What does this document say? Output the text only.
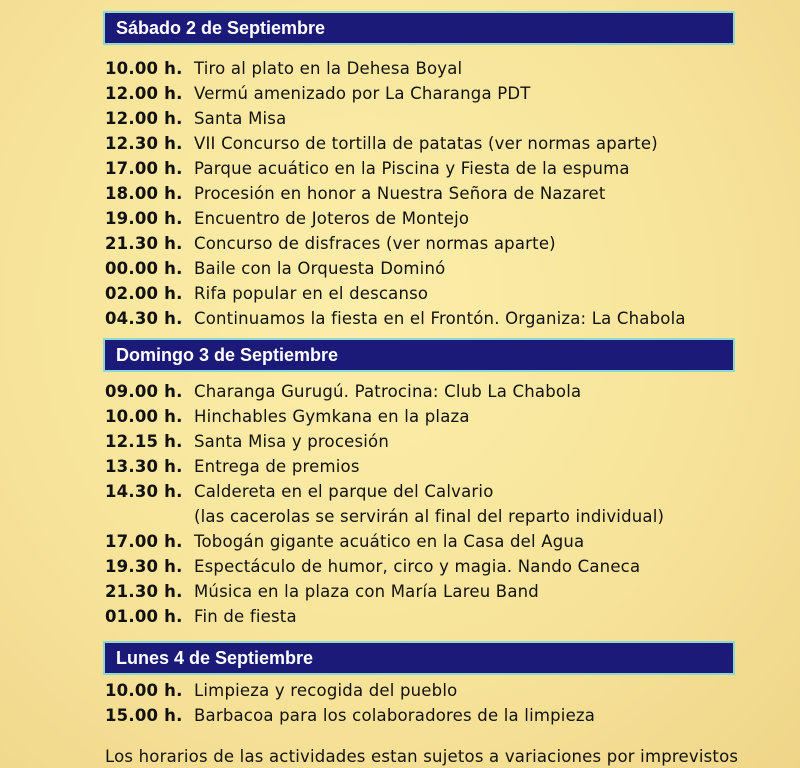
Sábado 2 de Septiembre
10.00 h. Tiro al plato en la Dehesa Boyal
12.00 h. Vermú amenizado por La Charanga PDT
12.00 h. Santa Misa
12.30 h. VII Concurso de tortilla de patatas (ver normas aparte)
17.00 h. Parque acuático en la Piscina y Fiesta de la espuma
18.00 h. Procesión en honor a Nuestra Señora de Nazaret
19.00 h. Encuentro de Joteros de Montejo
21.30 h. Concurso de disfraces (ver normas aparte)
00.00 h. Baile con la Orquesta Dominó
02.00 h. Rifa popular en el descanso
04.30 h. Continuamos la fiesta en el Frontón. Organiza: La Chabola
Domingo 3 de Septiembre
09.00 h. Charanga Gurugú. Patrocina: Club La Chabola
10.00 h. Hinchables Gymkana en la plaza
12.15 h. Santa Misa y procesión
13.30 h. Entrega de premios
14.30 h. Caldereta en el parque del Calvario
(las cacerolas se servirán al final del reparto individual)
17.00 h. Tobogán gigante acuático en la Casa del Agua
19.30 h. Espectáculo de humor, circo y magia. Nando Caneca
21.30 h. Música en la plaza con María Lareu Band
01.00 h. Fin de fiesta
Lunes 4 de Septiembre
10.00 h. Limpieza y recogida del pueblo
15.00 h. Barbacoa para los colaboradores de la limpieza
Los horarios de las actividades estan sujetos a variaciones por imprevistos
